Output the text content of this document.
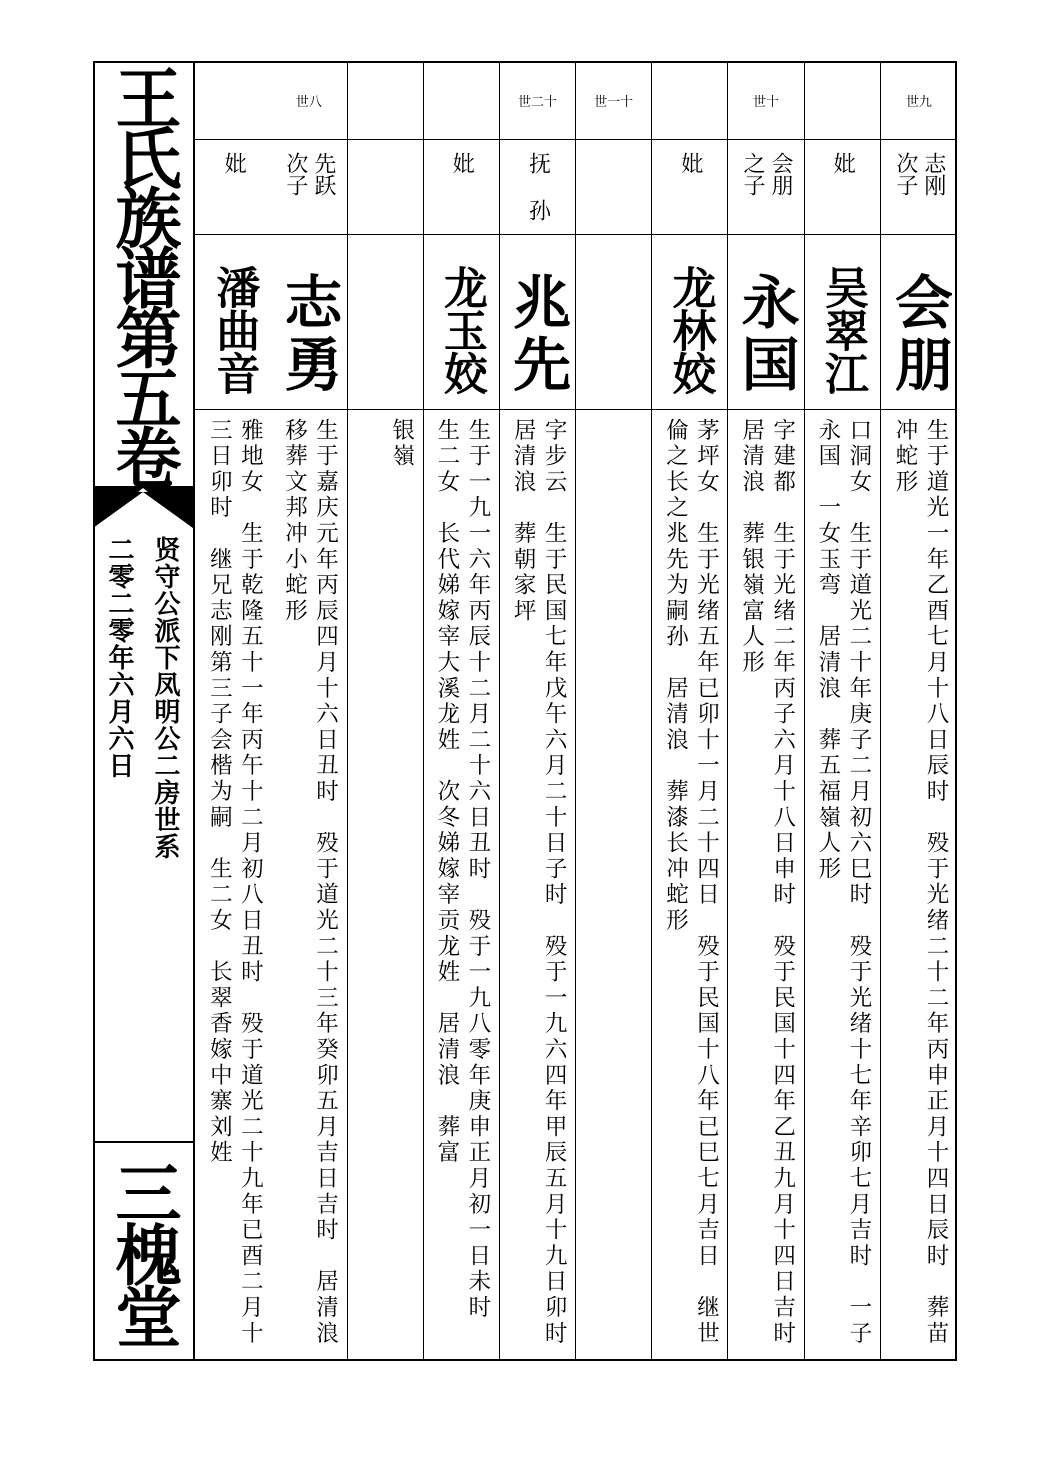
王氏族谱第五卷
贤守公派下凤明公二房世系
二零二零年六月六日
三槐堂
世九
志刚 次子
会朋
生于道光一年乙酉七月十八日辰时　殁于光绪二十二年丙申正月十四日辰时　葬苗冲蛇形
妣
吴翠江
口洞女　生于道光二十年庚子二月初六巳时　殁于光绪十七年辛卯七月吉时　一子永国　一女玉弯　居清浪　葬五福嶺人形
世十
会朋 之子
永国
字建都　生于光绪二年丙子六月十八日申时　殁于民国十四年乙丑九月十四日吉时　居清浪　葬银嶺富人形
妣
龙林姣
茅坪女　生于光绪五年已卯十一月二十四日　殁于民国十八年已巳七月吉日　继世倫之长之兆先为嗣孙　居清浪　葬漆长冲蛇形
世一十
世二十
抚 孙
兆先
字步云　生于民国七年戊午六月二十日子时　殁于一九六四年甲辰五月十九日卯时　居清浪　葬朝家坪
妣
龙玉姣
生于一九一六年丙辰十二月二十六日丑时　殁于一九八零年庚申正月初一日未时　生二女　长代娣嫁宰大溪龙姓　次冬娣嫁宰贡龙姓　居清浪　葬富
银嶺
世八
先跃 次子
志勇
生于嘉庆元年丙辰四月十六日丑时　殁于道光二十三年癸卯五月吉日吉时　居清浪　移葬文邦冲小蛇形
妣
潘曲音
雅地女　生于乾隆五十一年丙午十二月初八日丑时　殁于道光二十九年已酉二月十三日卯时　继兄志刚第三子会楷为嗣　生二女　长翠香嫁中寨刘姓
